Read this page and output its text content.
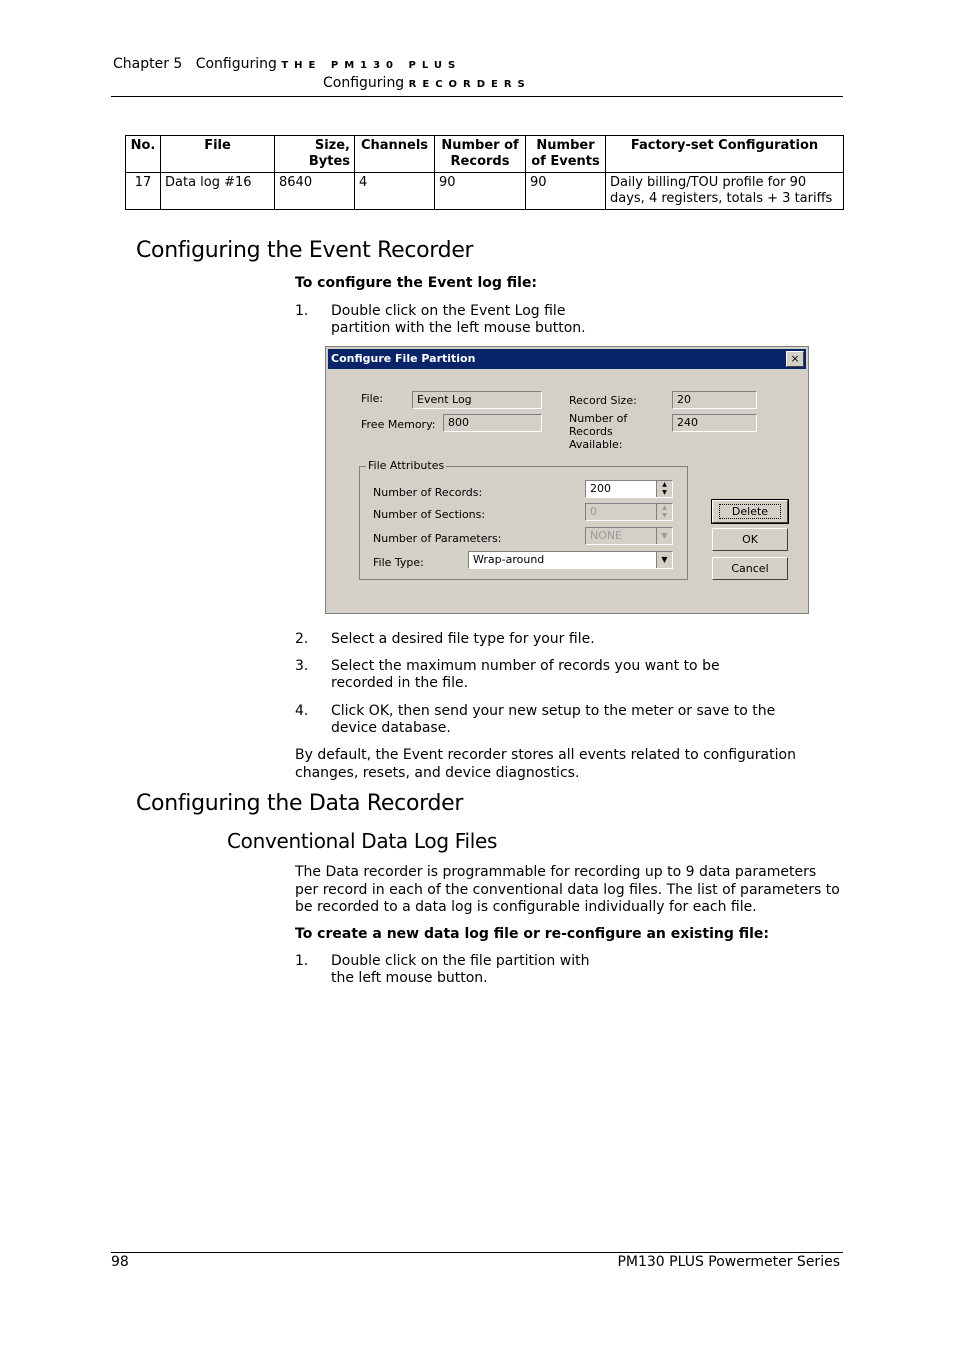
Chapter 5 Configuring THE PM130 PLUS
Configuring RECORDERS
No.	File	Size, Bytes	Channels	Number of Records	Number of Events	Factory-set Configuration
17	Data log #16	8640	4	90	90	Daily billing/TOU profile for 90 days, 4 registers, totals + 3 tariffs
Configuring the Event Recorder
To configure the Event log file:
1. Double click on the Event Log file partition with the left mouse button.
Configure File Partition	×
File:	Event Log
Free Memory:	800
Record Size:	20
Number of Records Available:
240
File Attributes
Number of Records:	200	▲
▼
Number of Sections:	0	▲
▼
Number of Parameters:	NONE	▼
File Type:	Wrap-around	▼
Delete
OK
Cancel
2. Select a desired file type for your file.
3. Select the maximum number of records you want to be recorded in the file.
4. Click OK, then send your new setup to the meter or save to the device database.
By default, the Event recorder stores all events related to configuration changes, resets, and device diagnostics.
Configuring the Data Recorder
Conventional Data Log Files
The Data recorder is programmable for recording up to 9 data parameters per record in each of the conventional data log files. The list of parameters to be recorded to a data log is configurable individually for each file.
To create a new data log file or re-configure an existing file:
1. Double click on the file partition with the left mouse button.
98	PM130 PLUS Powermeter Series
